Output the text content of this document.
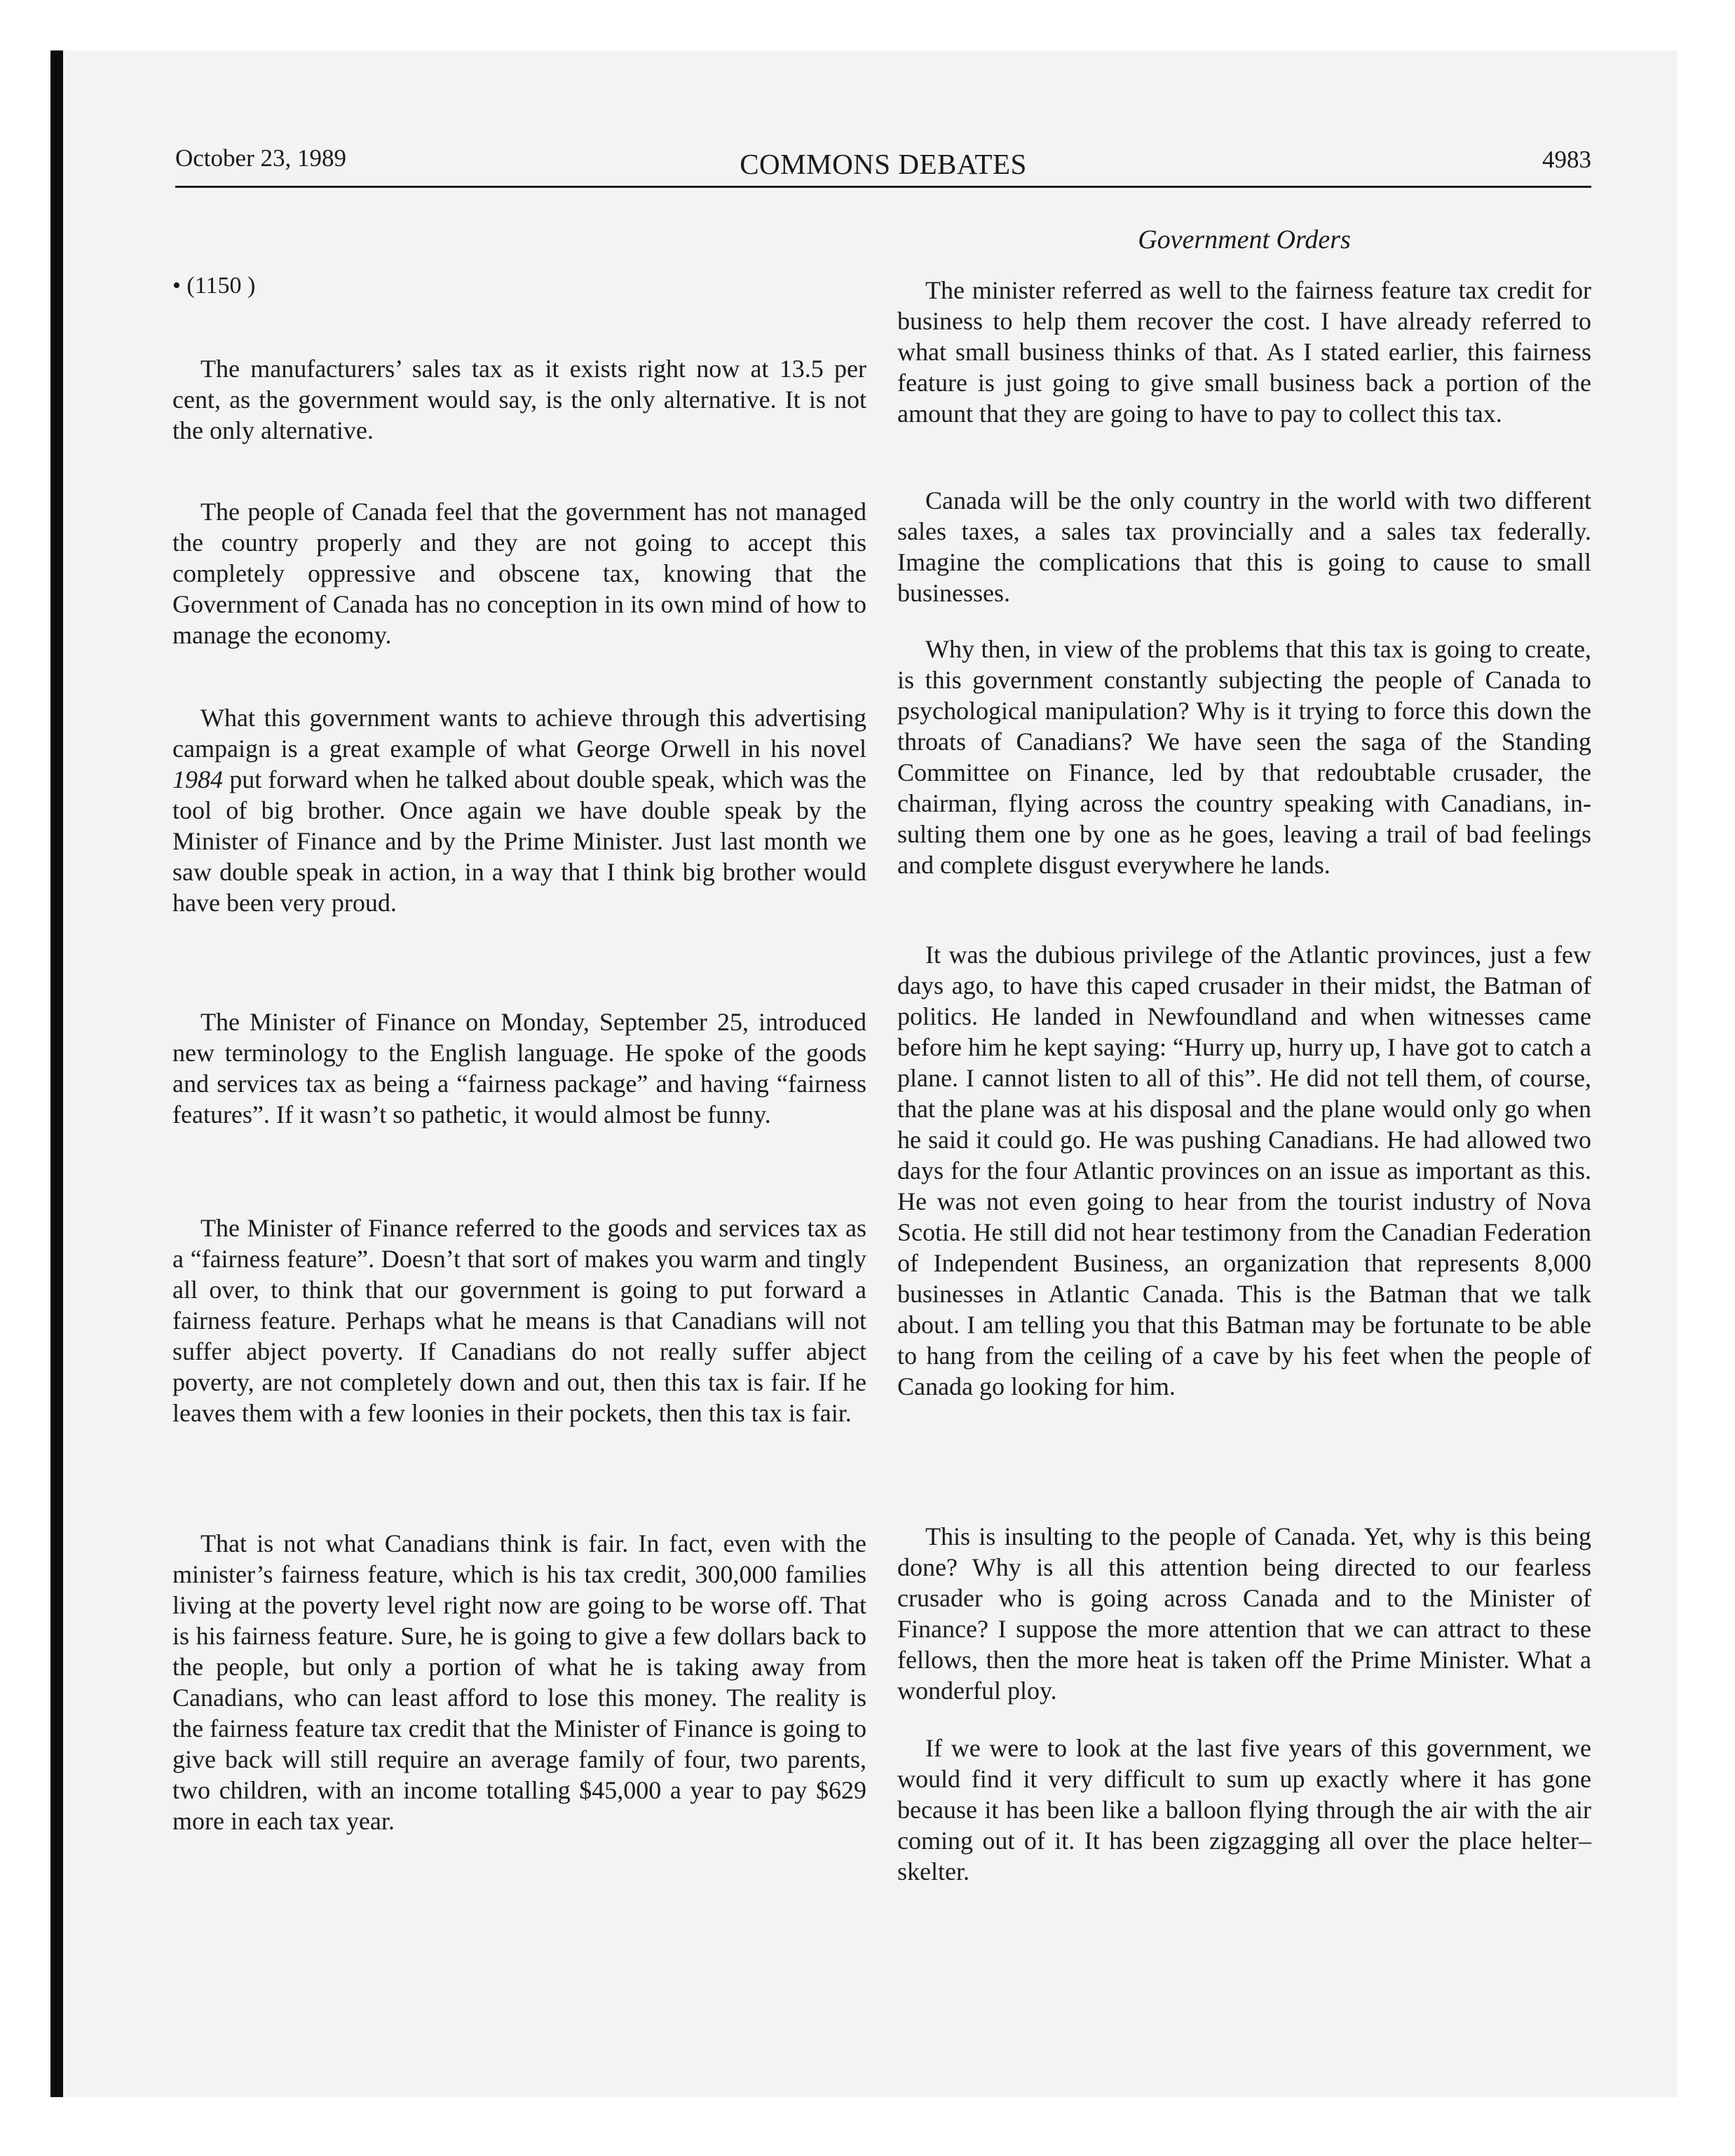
October 23, 1989	COMMONS DEBATES	4983
Government Orders
• (1150 )

The manufacturers’ sales tax as it exists right now at 13.5 per cent, as the government would say, is the only alternative. It is not the only alternative.

The people of Canada feel that the government has not managed the country properly and they are not going to accept this completely oppressive and obscene tax, knowing that the Government of Canada has no conception in its own mind of how to manage the economy.

What this government wants to achieve through this advertising campaign is a great example of what George Orwell in his novel 1984 put forward when he talked about double speak, which was the tool of big brother. Once again we have double speak by the Minister of Finance and by the Prime Minister. Just last month we saw double speak in action, in a way that I think big brother would have been very proud.

The Minister of Finance on Monday, September 25, introduced new terminology to the English language. He spoke of the goods and services tax as being a “fairness package” and having “fairness features”. If it wasn’t so pathetic, it would almost be funny.

The Minister of Finance referred to the goods and services tax as a “fairness feature”. Doesn’t that sort of makes you warm and tingly all over, to think that our government is going to put forward a fairness feature. Perhaps what he means is that Canadians will not suffer abject poverty. If Canadians do not really suffer abject poverty, are not completely down and out, then this tax is fair. If he leaves them with a few loonies in their pockets, then this tax is fair.

That is not what Canadians think is fair. In fact, even with the minister’s fairness feature, which is his tax credit, 300,000 families living at the poverty level right now are going to be worse off. That is his fairness feature. Sure, he is going to give a few dollars back to the people, but only a portion of what he is taking away from Canadians, who can least afford to lose this money. The reality is the fairness feature tax credit that the Minister of Finance is going to give back will still require an average family of four, two parents, two children, with an income totalling $45,000 a year to pay $629 more in each tax year.

The minister referred as well to the fairness feature tax credit for business to help them recover the cost. I have already referred to what small business thinks of that. As I stated earlier, this fairness feature is just going to give small business back a portion of the amount that they are going to have to pay to collect this tax.

Canada will be the only country in the world with two different sales taxes, a sales tax provincially and a sales tax federally. Imagine the complications that this is going to cause to small businesses.

Why then, in view of the problems that this tax is going to create, is this government constantly subjecting the people of Canada to psychological manipulation? Why is it trying to force this down the throats of Canadians? We have seen the saga of the Standing Committee on Finance, led by that redoubtable crusader, the chairman, flying across the country speaking with Canadians, insulting them one by one as he goes, leaving a trail of bad feelings and complete disgust everywhere he lands.

It was the dubious privilege of the Atlantic provinces, just a few days ago, to have this caped crusader in their midst, the Batman of politics. He landed in Newfoundland and when witnesses came before him he kept saying: “Hurry up, hurry up, I have got to catch a plane. I cannot listen to all of this”. He did not tell them, of course, that the plane was at his disposal and the plane would only go when he said it could go. He was pushing Canadians. He had allowed two days for the four Atlantic provinces on an issue as important as this. He was not even going to hear from the tourist industry of Nova Scotia. He still did not hear testimony from the Canadian Federation of Independent Business, an organization that represents 8,000 businesses in Atlantic Canada. This is the Batman that we talk about. I am telling you that this Batman may be fortunate to be able to hang from the ceiling of a cave by his feet when the people of Canada go looking for him.

This is insulting to the people of Canada. Yet, why is this being done? Why is all this attention being directed to our fearless crusader who is going across Canada and to the Minister of Finance? I suppose the more attention that we can attract to these fellows, then the more heat is taken off the Prime Minister. What a wonderful ploy.

If we were to look at the last five years of this government, we would find it very difficult to sum up exactly where it has gone because it has been like a balloon flying through the air with the air coming out of it. It has been zigzagging all over the place helter–skelter.
